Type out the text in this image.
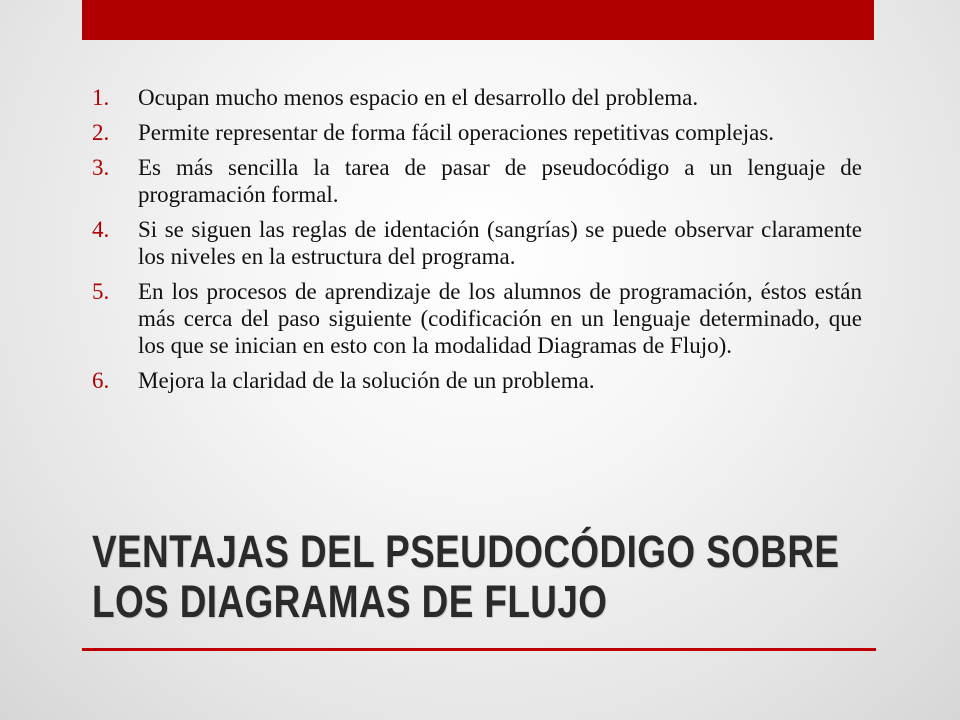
1.	Ocupan mucho menos espacio en el desarrollo del problema.
2.	Permite representar de forma fácil operaciones repetitivas complejas.
3.	Es más sencilla la tarea de pasar de pseudocódigo a un lenguaje de programación formal.
4.	Si se siguen las reglas de identación (sangrías) se puede observar claramente los niveles en la estructura del programa.
5.	En los procesos de aprendizaje de los alumnos de programación, éstos están más cerca del paso siguiente (codificación en un lenguaje determinado, que los que se inician en esto con la modalidad Diagramas de Flujo).
6.	Mejora la claridad de la solución de un problema.
VENTAJAS DEL PSEUDOCÓDIGO SOBRE
LOS DIAGRAMAS DE FLUJO
